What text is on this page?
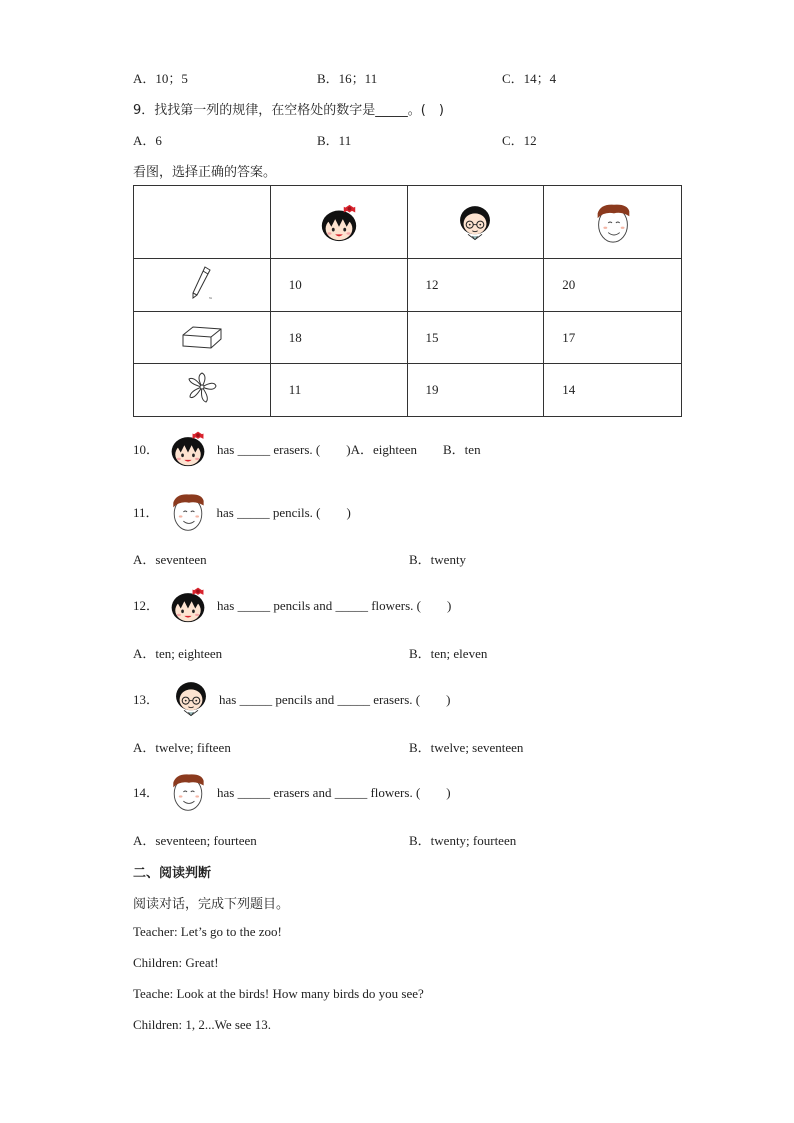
A．10；5	B．16；11	C．14；4
9．找找第一列的规律，在空格处的数字是_____。(　)
A．6	B．11	C．12
看图，选择正确的答案。

ss	10	12	20
	18	15	17
	11	19	14
10．	has _____ erasers. (　　)A．eighteen　　B．ten
11．	has _____ pencils. (　　)
A．seventeen	B．twenty
12．	has _____ pencils and _____ flowers. (　　)
A．ten; eighteen	B．ten; eleven
13．	has _____ pencils and _____ erasers. (　　)
A．twelve; fifteen	B．twelve; seventeen
14．	has _____ erasers and _____ flowers. (　　)
A．seventeen; fourteen	B．twenty; fourteen
二、阅读判断
阅读对话，完成下列题目。
Teacher: Let’s go to the zoo!
Children: Great!
Teache: Look at the birds! How many birds do you see?
Children: 1, 2...We see 13.
